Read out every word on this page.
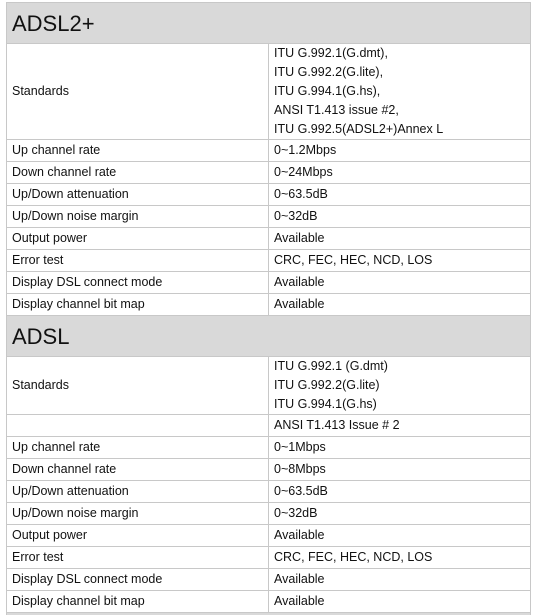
ADSL2+	
Standards	ITU G.992.1(G.dmt),
ITU G.992.2(G.lite),
ITU G.994.1(G.hs),
ANSI T1.413 issue #2,
ITU G.992.5(ADSL2+)Annex L

Up channel rate	0~1.2Mbps
Down channel rate	0~24Mbps
Up/Down attenuation	0~63.5dB
Up/Down noise margin	0~32dB
Output power	Available
Error test	CRC, FEC, HEC, NCD, LOS
Display DSL connect mode	Available
Display channel bit map	Available
ADSL	
Standards	ITU G.992.1 (G.dmt)
ITU G.992.2(G.lite)
ITU G.994.1(G.hs)

	ANSI T1.413 Issue # 2
Up channel rate	0~1Mbps
Down channel rate	0~8Mbps
Up/Down attenuation	0~63.5dB
Up/Down noise margin	0~32dB
Output power	Available
Error test	CRC, FEC, HEC, NCD, LOS
Display DSL connect mode	Available
Display channel bit map	Available
